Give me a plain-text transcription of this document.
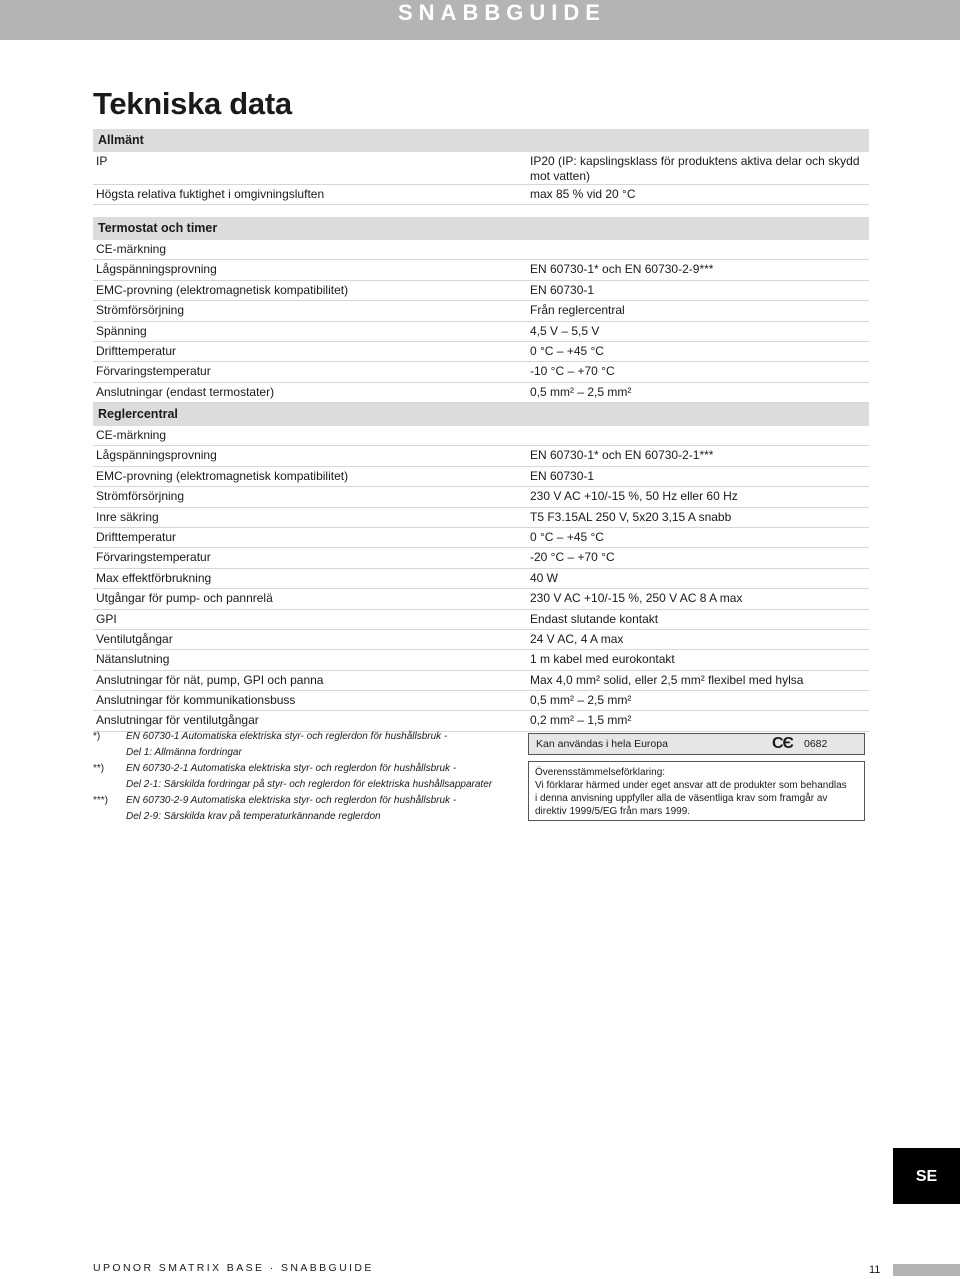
SNABBGUIDE
Tekniska data
Allmänt
IP	IP20 (IP: kapslingsklass för produktens aktiva delar och skydd mot vatten)
Högsta relativa fuktighet i omgivningsluften	max 85 % vid 20 °C
Termostat och timer
CE-märkning
Lågspänningsprovning	EN 60730-1* och EN 60730-2-9***
EMC-provning (elektromagnetisk kompatibilitet)	EN 60730-1
Strömförsörjning	Från reglercentral
Spänning	4,5 V – 5,5 V
Drifttemperatur	0 °C – +45 °C
Förvaringstemperatur	-10 °C – +70 °C
Anslutningar (endast termostater)	0,5 mm² – 2,5 mm²
Reglercentral
CE-märkning
Lågspänningsprovning	EN 60730-1* och EN 60730-2-1***
EMC-provning (elektromagnetisk kompatibilitet)	EN 60730-1
Strömförsörjning	230 V AC +10/-15 %, 50 Hz eller 60 Hz
Inre säkring	T5 F3.15AL 250 V, 5x20 3,15 A snabb
Drifttemperatur	0 °C – +45 °C
Förvaringstemperatur	-20 °C – +70 °C
Max effektförbrukning	40 W
Utgångar för pump- och pannrelä	230 V AC +10/-15 %, 250 V AC 8 A max
GPI	Endast slutande kontakt
Ventilutgångar	24 V AC, 4 A max
Nätanslutning	1 m kabel med eurokontakt
Anslutningar för nät, pump, GPI och panna	Max 4,0 mm² solid, eller 2,5 mm² flexibel med hylsa
Anslutningar för kommunikationsbuss	0,5 mm² – 2,5 mm²
Anslutningar för ventilutgångar	0,2 mm² – 1,5 mm²
*)	EN 60730-1 Automatiska elektriska styr- och reglerdon för hushållsbruk -
Del 1: Allmänna fordringar
**) EN 60730-2-1 Automatiska elektriska styr- och reglerdon för hushållsbruk -
Del 2-1: Särskilda fordringar på styr- och reglerdon för elektriska hushållsapparater
***) EN 60730-2-9 Automatiska elektriska styr- och reglerdon för hushållsbruk -
Del 2-9: Särskilda krav på temperaturkännande reglerdon
Kan användas i hela Europa	CЄ 0682
Överensstämmelseförklaring:
Vi förklarar härmed under eget ansvar att de produkter som behandlas
i denna anvisning uppfyller alla de väsentliga krav som framgår av
direktiv 1999/5/EG från mars 1999.
SE
UPONOR SMATRIX BASE · SNABBGUIDE	11
